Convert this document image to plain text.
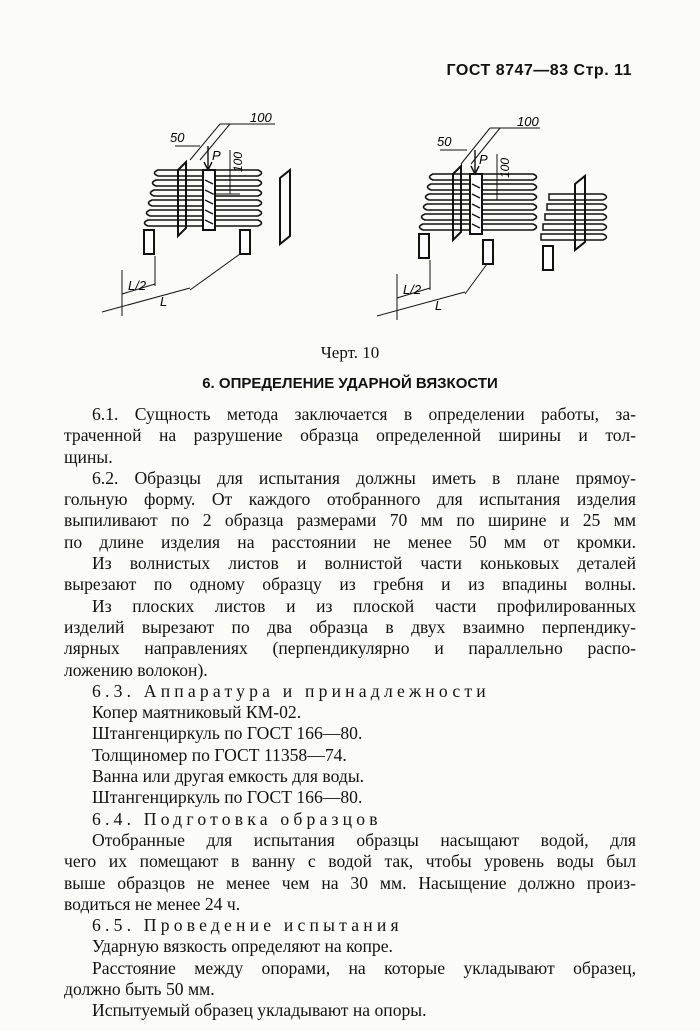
ГОСТ 8747—83 Стр. 11
50
100
100
P
L/2
L
50
100
100
P
L/2
L
Черт. 10
6. ОПРЕДЕЛЕНИЕ УДАРНОЙ ВЯЗКОСТИ

6.1. Сущность метода заключается в определении работы, за-

траченной на разрушение образца определенной ширины и тол-

щины.

6.2. Образцы для испытания должны иметь в плане прямоу-

гольную форму. От каждого отобранного для испытания изделия

выпиливают по 2 образца размерами 70 мм по ширине и 25 мм

по длине изделия на расстоянии не менее 50 мм от кромки.

Из волнистых листов и волнистой части коньковых деталей

вырезают по одному образцу из гребня и из впадины волны.

Из плоских листов и из плоской части профилированных

изделий вырезают по два образца в двух взаимно перпендику-

лярных направлениях (перпендикулярно и параллельно распо-

ложению волокон).

6.3. Аппаратура и принадлежности

Копер маятниковый КМ-02.

Штангенциркуль по ГОСТ 166—80.

Толщиномер по ГОСТ 11358—74.

Ванна или другая емкость для воды.

Штангенциркуль по ГОСТ 166—80.

6.4. Подготовка образцов

Отобранные для испытания образцы насыщают водой, для

чего их помещают в ванну с водой так, чтобы уровень воды был

выше образцов не менее чем на 30 мм. Насыщение должно произ-

водиться не менее 24 ч.

6.5. Проведение испытания

Ударную вязкость определяют на копре.

Расстояние между опорами, на которые укладывают образец,

должно быть 50 мм.

Испытуемый образец укладывают на опоры.
